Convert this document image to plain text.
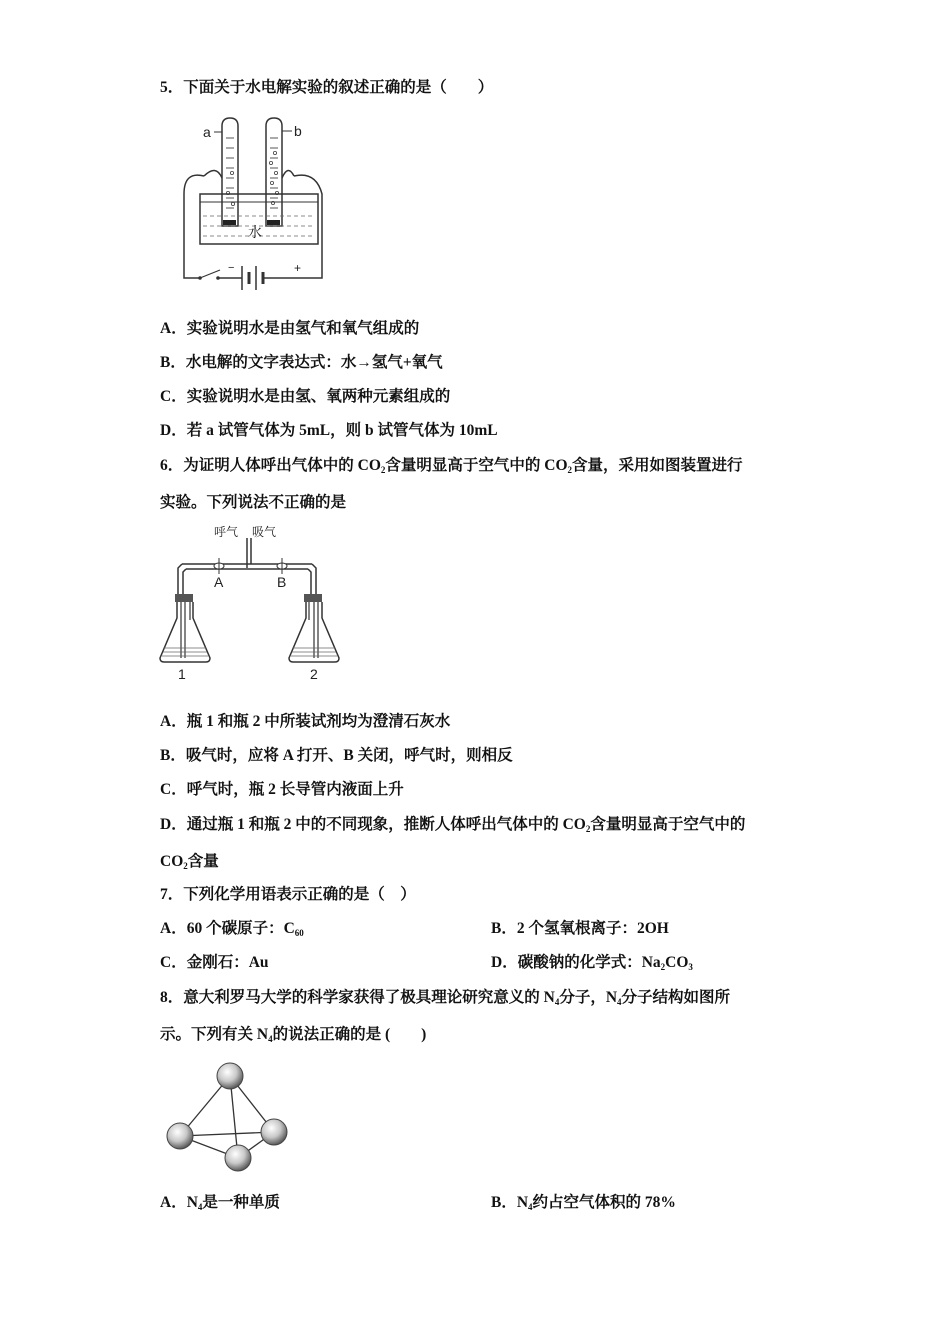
5．下面关于水电解实验的叙述正确的是（　　）
a	b
水
−	+
A．实验说明水是由氢气和氧气组成的
B．水电解的文字表达式：水→氢气+氧气
C．实验说明水是由氢、氧两种元素组成的
D．若 a 试管气体为 5mL，则 b 试管气体为 10mL
6．为证明人体呼出气体中的 $CO_2$含量明显高于空气中的 $CO_2$含量，采用如图装置进行
实验。下列说法不正确的是
呼气 吸气
A	B
1	2
A．瓶 1 和瓶 2 中所装试剂均为澄清石灰水
B．吸气时，应将 A 打开、B 关闭，呼气时，则相反
C．呼气时，瓶 2 长导管内液面上升
D．通过瓶 1 和瓶 2 中的不同现象，推断人体呼出气体中的 $CO_2$含量明显高于空气中的
$CO_2$含量
7．下列化学用语表示正确的是（　）
A．60 个碳原子：$C_{60}$	B．2 个氢氧根离子：2OH
C．金刚石：Au	D．碳酸钠的化学式：$Na_2CO_3$
8．意大利罗马大学的科学家获得了极具理论研究意义的 $N_4$分子，$N_4$分子结构如图所
示。下列有关 $N_4$的说法正确的是 (　　)
A．$N_4$是一种单质	B．$N_4$约占空气体积的 78%
